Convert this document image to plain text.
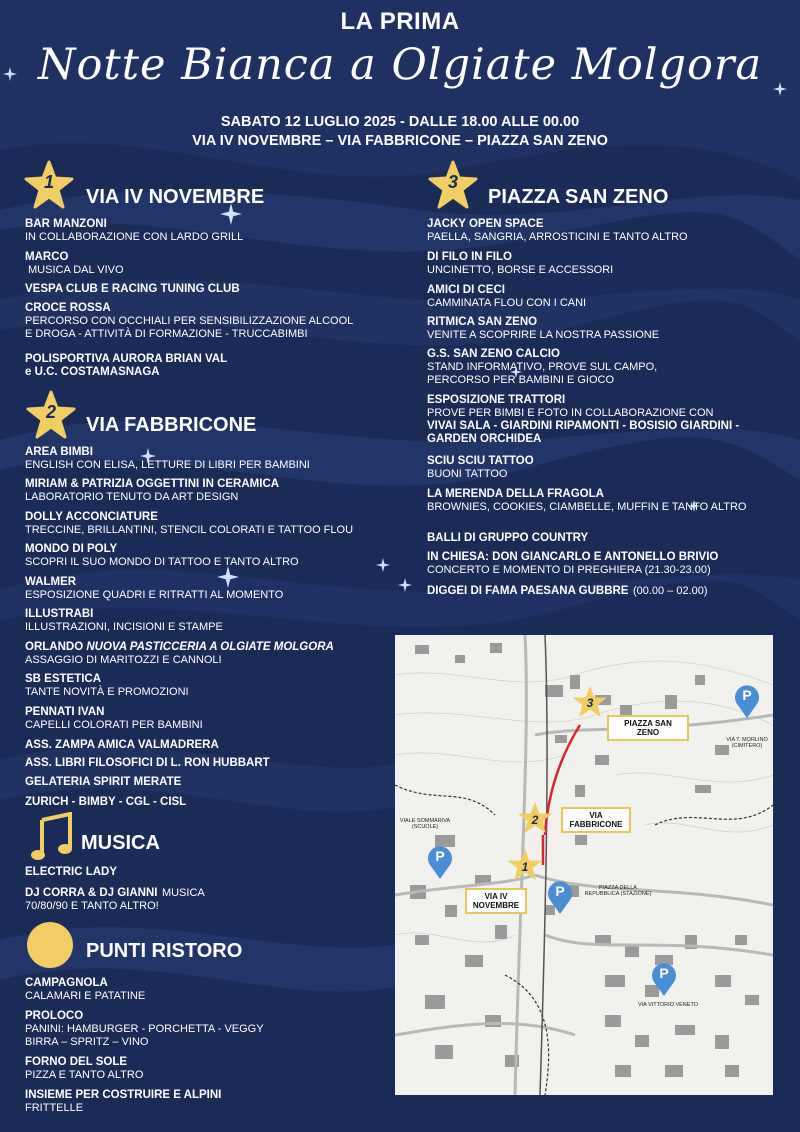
LA PRIMA
Notte Bianca a Olgiate Molgora
SABATO 12 LUGLIO 2025 - DALLE 18.00 ALLE 00.00
VIA IV NOVEMBRE – VIA FABBRICONE – PIAZZA SAN ZENO
1
VIA IV NOVEMBRE
BAR MANZONI
IN COLLABORAZIONE CON LARDO GRILL
MARCO
MUSICA DAL VIVO
VESPA CLUB E RACING TUNING CLUB
CROCE ROSSA
PERCORSO CON OCCHIALI PER SENSIBILIZZAZIONE ALCOOL
E DROGA - ATTIVITÀ DI FORMAZIONE - TRUCCABIMBI
POLISPORTIVA AURORA BRIAN VAL
e U.C. COSTAMASNAGA
2
VIA FABBRICONE
AREA BIMBI
ENGLISH CON ELISA, LETTURE DI LIBRI PER BAMBINI
MIRIAM & PATRIZIA OGGETTINI IN CERAMICA
LABORATORIO TENUTO DA ART DESIGN
DOLLY ACCONCIATURE
TRECCINE, BRILLANTINI, STENCIL COLORATI E TATTOO FLOU
MONDO DI POLY
SCOPRI IL SUO MONDO DI TATTOO E TANTO ALTRO
WALMER
ESPOSIZIONE QUADRI E RITRATTI AL MOMENTO
ILLUSTRABI
ILLUSTRAZIONI, INCISIONI E STAMPE
ORLANDO NUOVA PASTICCERIA A OLGIATE MOLGORA
ASSAGGIO DI MARITOZZI E CANNOLI
SB ESTETICA
TANTE NOVITÀ E PROMOZIONI
PENNATI IVAN
CAPELLI COLORATI PER BAMBINI
ASS. ZAMPA AMICA VALMADRERA
ASS. LIBRI FILOSOFICI DI L. RON HUBBART
GELATERIA SPIRIT MERATE
ZURICH - BIMBY - CGL - CISL
MUSICA
ELECTRIC LADY
DJ CORRA & DJ GIANNI MUSICA
70/80/90 E TANTO ALTRO!
PUNTI RISTORO
CAMPAGNOLA
CALAMARI E PATATINE
PROLOCO
PANINI: HAMBURGER - PORCHETTA - VEGGY
BIRRA – SPRITZ – VINO
FORNO DEL SOLE
PIZZA E TANTO ALTRO
INSIEME PER COSTRUIRE E ALPINI
FRITTELLE
3
PIAZZA SAN ZENO
JACKY OPEN SPACE
PAELLA, SANGRIA, ARROSTICINI E TANTO ALTRO
DI FILO IN FILO
UNCINETTO, BORSE E ACCESSORI
AMICI DI CECI
CAMMINATA FLOU CON I CANI
RITMICA SAN ZENO
VENITE A SCOPRIRE LA NOSTRA PASSIONE
G.S. SAN ZENO CALCIO
STAND INFORMATIVO, PROVE SUL CAMPO,
PERCORSO PER BAMBINI E GIOCO
ESPOSIZIONE TRATTORI
PROVE PER BIMBI E FOTO IN COLLABORAZIONE CON
VIVAI SALA - GIARDINI RIPAMONTI - BOSISIO GIARDINI -
GARDEN ORCHIDEA
SCIU SCIU TATTOO
BUONI TATTOO
LA MERENDA DELLA FRAGOLA
BROWNIES, COOKIES, CIAMBELLE, MUFFIN E TANTO ALTRO
BALLI DI GRUPPO COUNTRY
IN CHIESA: DON GIANCARLO E ANTONELLO BRIVIO
CONCERTO E MOMENTO DI PREGHIERA (21.30-23.00)
DIGGEI DI FAMA PAESANA GUBBRE (00.00 – 02.00)
3
2
1
PIAZZA SAN ZENO
VIA FABBRICONE
VIA IV
NOVEMBRE
P
P
P
P
VIA T. MORLINO
(CIMITERO)
VIALE SOMMARIVA
(SCUOLE)
PIAZZA DELLA
REPUBBLICA (STAZIONE)
VIA VITTORIO VENETO
